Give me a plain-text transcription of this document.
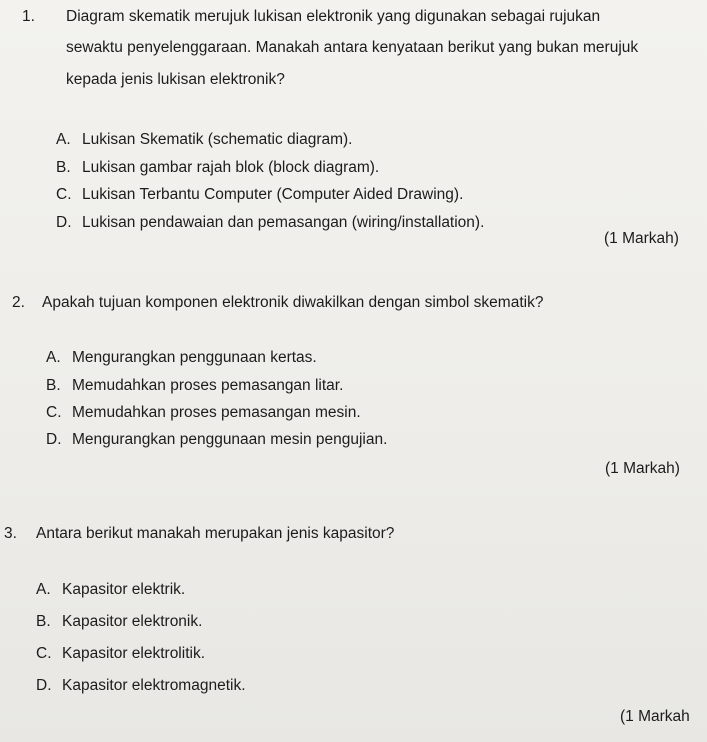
1. Diagram skematik merujuk lukisan elektronik yang digunakan sebagai rujukan
sewaktu penyelenggaraan. Manakah antara kenyataan berikut yang bukan merujuk
kepada jenis lukisan elektronik?
A. Lukisan Skematik (schematic diagram).
B. Lukisan gambar rajah blok (block diagram).
C. Lukisan Terbantu Computer (Computer Aided Drawing).
D. Lukisan pendawaian dan pemasangan (wiring/installation).
(1 Markah)
2. Apakah tujuan komponen elektronik diwakilkan dengan simbol skematik?
A. Mengurangkan penggunaan kertas.
B. Memudahkan proses pemasangan litar.
C. Memudahkan proses pemasangan mesin.
D. Mengurangkan penggunaan mesin pengujian.
(1 Markah)
3. Antara berikut manakah merupakan jenis kapasitor?
A. Kapasitor elektrik.
B. Kapasitor elektronik.
C. Kapasitor elektrolitik.
D. Kapasitor elektromagnetik.
(1 Markah
